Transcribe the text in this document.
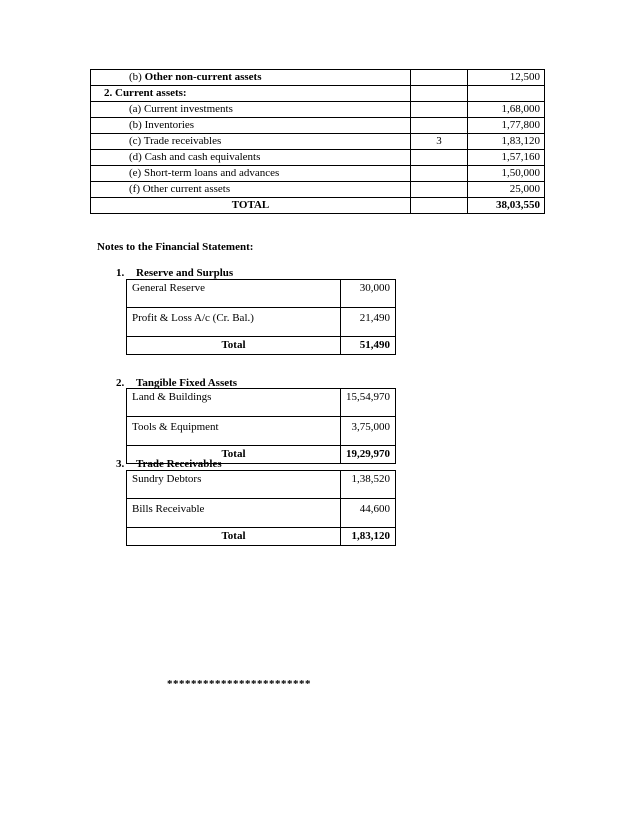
(b) Other non-current assets		12,500
2. Current assets:		
(a) Current investments		1,68,000
(b) Inventories		1,77,800
(c) Trade receivables	3	1,83,120
(d) Cash and cash equivalents		1,57,160
(e) Short-term loans and advances		1,50,000
(f) Other current assets		25,000
TOTAL		38,03,550
Notes to the Financial Statement:
1. Reserve and Surplus
General Reserve	30,000
Profit & Loss A/c (Cr. Bal.)	21,490
Total	51,490
2. Tangible Fixed Assets
Land & Buildings	15,54,970
Tools & Equipment	3,75,000
Total	19,29,970
3. Trade Receivables
Sundry Debtors	1,38,520
Bills Receivable	44,600
Total	1,83,120
************************
